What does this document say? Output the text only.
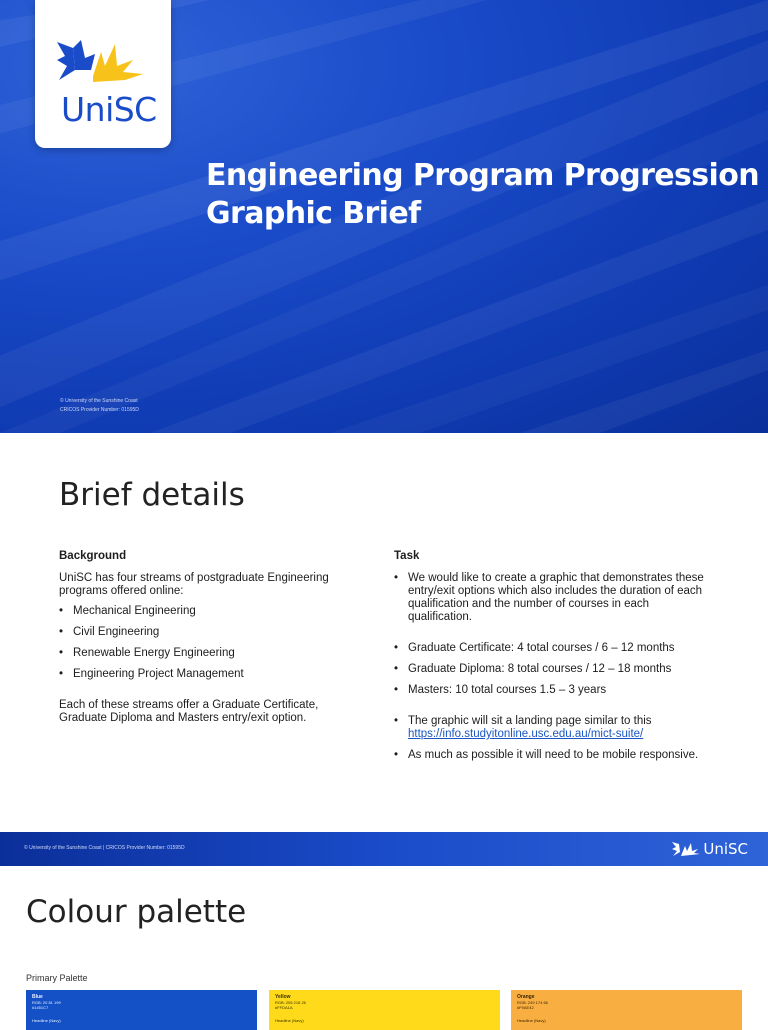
UniSC
Engineering Program Progression
Graphic Brief
© University of the Sunshine Coast
CRICOS Provider Number: 01595D
Brief details
Background

UniSC has four streams of postgraduate Engineering programs offered online:

• Mechanical Engineering
• Civil Engineering
• Renewable Energy Engineering
• Engineering Project Management

Each of these streams offer a Graduate Certificate, Graduate Diploma and Masters entry/exit option.

Task
• We would like to create a graphic that demonstrates these entry/exit options which also includes the duration of each qualification and the number of courses in each qualification.
• Graduate Certificate: 4 total courses / 6 – 12 months
• Graduate Diploma: 8 total courses / 12 – 18 months
• Masters: 10 total courses 1.5 – 3 years
• The graphic will sit a landing page similar to this
https://info.studyitonline.usc.edu.au/mict-suite/
• As much as possible it will need to be mobile responsive.
© University of the Sunshine Coast | CRICOS Provider Number: 01595D	UniSC
Colour palette
Primary Palette
Blue
RGB: 20 81 199
#1451C7
Headline (Navy)
Yellow
RGB: 255 218 26
#FFDA1A
Headline (Navy)
Orange
RGB: 249 174 66
#F9AE42
Headline (Navy)
